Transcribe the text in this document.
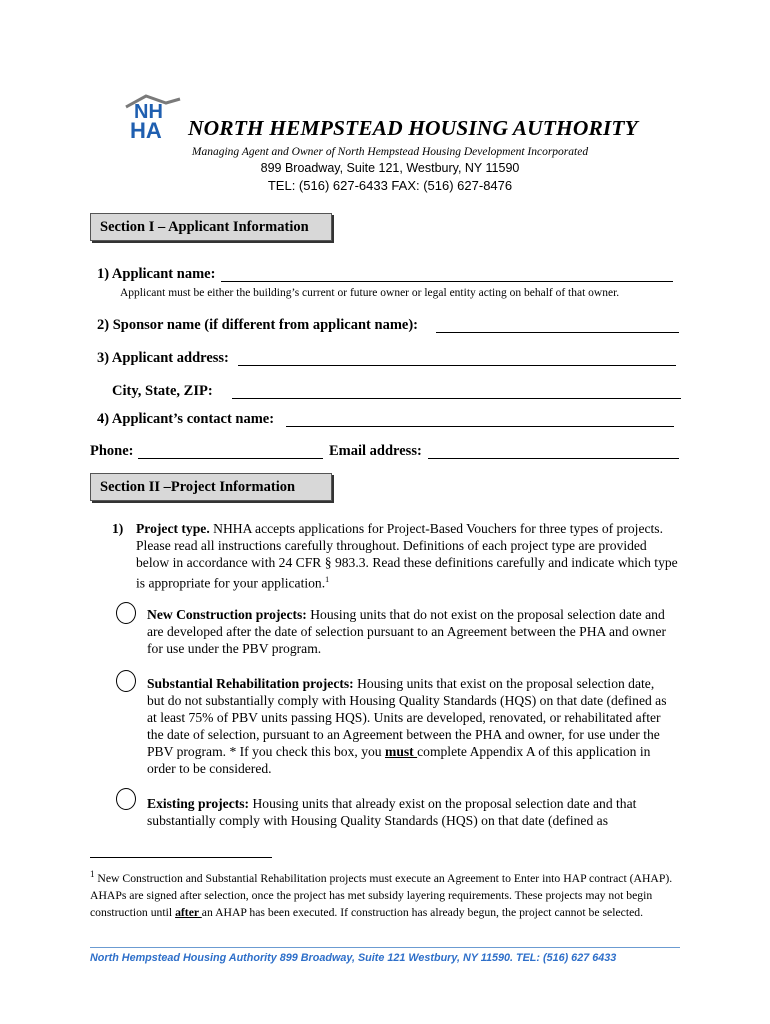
NH
HA NORTH HEMPSTEAD HOUSING AUTHORITY
Managing Agent and Owner of North Hempstead Housing Development Incorporated
899 Broadway, Suite 121, Westbury, NY 11590
TEL: (516) 627-6433 FAX: (516) 627-8476
Section I – Applicant Information
1) Applicant name:
Applicant must be either the building’s current or future owner or legal entity acting on behalf of that owner.
2) Sponsor name (if different from applicant name):
3) Applicant address:
City, State, ZIP:
4) Applicant’s contact name:
Phone:	Email address:
Section II –Project Information
1) Project type. NHHA accepts applications for Project-Based Vouchers for three types of projects. Please read all instructions carefully throughout. Definitions of each project type are provided below in accordance with 24 CFR § 983.3. Read these definitions carefully and indicate which type is appropriate for your application.$^1$
New Construction projects: Housing units that do not exist on the proposal selection date and are developed after the date of selection pursuant to an Agreement between the PHA and owner for use under the PBV program.
Substantial Rehabilitation projects: Housing units that exist on the proposal selection date, but do not substantially comply with Housing Quality Standards (HQS) on that date (defined as at least 75% of PBV units passing HQS). Units are developed, renovated, or rehabilitated after the date of selection, pursuant to an Agreement between the PHA and owner, for use under the PBV program. * If you check this box, you must complete Appendix A of this application in order to be considered.
Existing projects: Housing units that already exist on the proposal selection date and that substantially comply with Housing Quality Standards (HQS) on that date (defined as
$^1$ New Construction and Substantial Rehabilitation projects must execute an Agreement to Enter into HAP contract (AHAP). AHAPs are signed after selection, once the project has met subsidy layering requirements. These projects may not begin construction until after an AHAP has been executed. If construction has already begun, the project cannot be selected.
North Hempstead Housing Authority 899 Broadway, Suite 121 Westbury, NY 11590. TEL: (516) 627 6433
